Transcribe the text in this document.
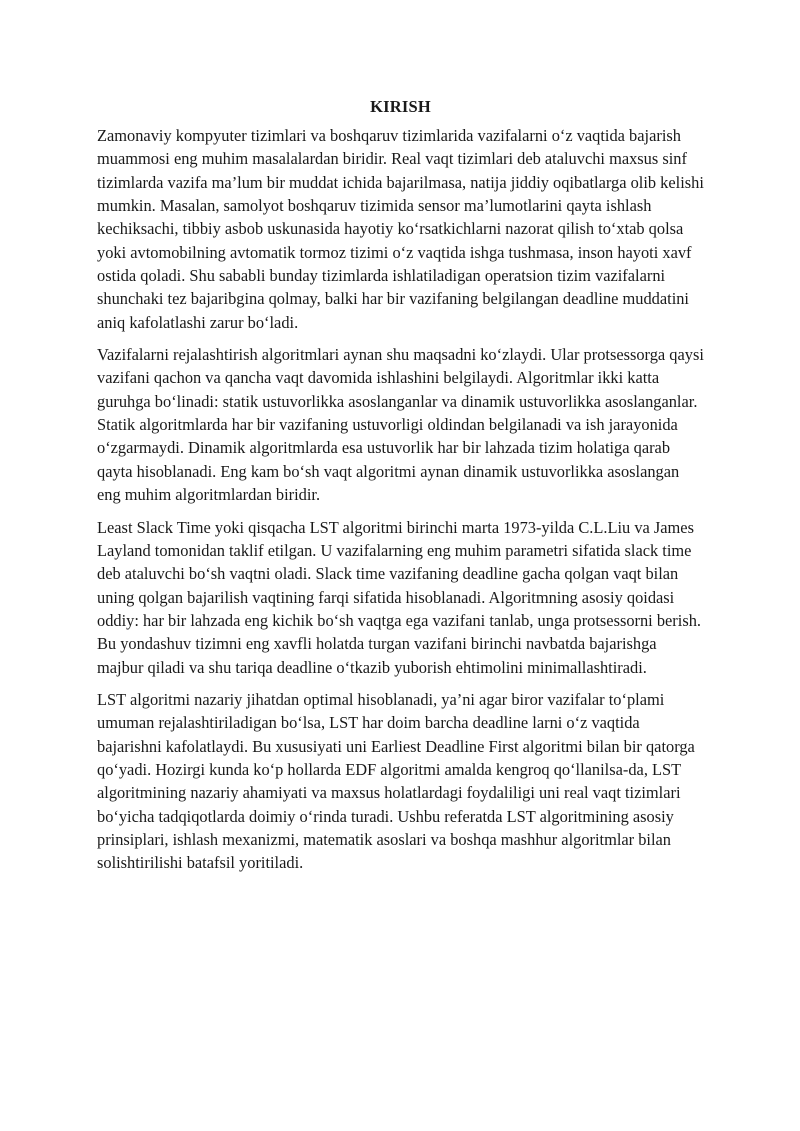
KIRISH

Zamonaviy kompyuter tizimlari va boshqaruv tizimlarida vazifalarni o‘z vaqtida bajarish muammosi eng muhim masalalardan biridir. Real vaqt tizimlari deb ataluvchi maxsus sinf tizimlarda vazifa ma’lum bir muddat ichida bajarilmasa, natija jiddiy oqibatlarga olib kelishi mumkin. Masalan, samolyot boshqaruv tizimida sensor ma’lumotlarini qayta ishlash kechiksachi, tibbiy asbob uskunasida hayotiy ko‘rsatkichlarni nazorat qilish to‘xtab qolsa yoki avtomobilning avtomatik tormoz tizimi o‘z vaqtida ishga tushmasa, inson hayoti xavf ostida qoladi. Shu sababli bunday tizimlarda ishlatiladigan operatsion tizim vazifalarni shunchaki tez bajaribgina qolmay, balki har bir vazifaning belgilangan deadline muddatini aniq kafolatlashi zarur bo‘ladi.

Vazifalarni rejalashtirish algoritmlari aynan shu maqsadni ko‘zlaydi. Ular protsessorga qaysi vazifani qachon va qancha vaqt davomida ishlashini belgilaydi. Algoritmlar ikki katta guruhga bo‘linadi: statik ustuvorlikka asoslanganlar va dinamik ustuvorlikka asoslanganlar. Statik algoritmlarda har bir vazifaning ustuvorligi oldindan belgilanadi va ish jarayonida o‘zgarmaydi. Dinamik algoritmlarda esa ustuvorlik har bir lahzada tizim holatiga qarab qayta hisoblanadi. Eng kam bo‘sh vaqt algoritmi aynan dinamik ustuvorlikka asoslangan eng muhim algoritmlardan biridir.

Least Slack Time yoki qisqacha LST algoritmi birinchi marta 1973-yilda C.L.Liu va James Layland tomonidan taklif etilgan. U vazifalarning eng muhim parametri sifatida slack time deb ataluvchi bo‘sh vaqtni oladi. Slack time vazifaning deadline gacha qolgan vaqt bilan uning qolgan bajarilish vaqtining farqi sifatida hisoblanadi. Algoritmning asosiy qoidasi oddiy: har bir lahzada eng kichik bo‘sh vaqtga ega vazifani tanlab, unga protsessorni berish. Bu yondashuv tizimni eng xavfli holatda turgan vazifani birinchi navbatda bajarishga majbur qiladi va shu tariqa deadline o‘tkazib yuborish ehtimolini minimallashtiradi.

LST algoritmi nazariy jihatdan optimal hisoblanadi, ya’ni agar biror vazifalar to‘plami umuman rejalashtiriladigan bo‘lsa, LST har doim barcha deadline larni o‘z vaqtida bajarishni kafolatlaydi. Bu xususiyati uni Earliest Deadline First algoritmi bilan bir qatorga qo‘yadi. Hozirgi kunda ko‘p hollarda EDF algoritmi amalda kengroq qo‘llanilsa-da, LST algoritmining nazariy ahamiyati va maxsus holatlardagi foydaliligi uni real vaqt tizimlari bo‘yicha tadqiqotlarda doimiy o‘rinda turadi. Ushbu referatda LST algoritmining asosiy prinsiplari, ishlash mexanizmi, matematik asoslari va boshqa mashhur algoritmlar bilan solishtirilishi batafsil yoritiladi.
